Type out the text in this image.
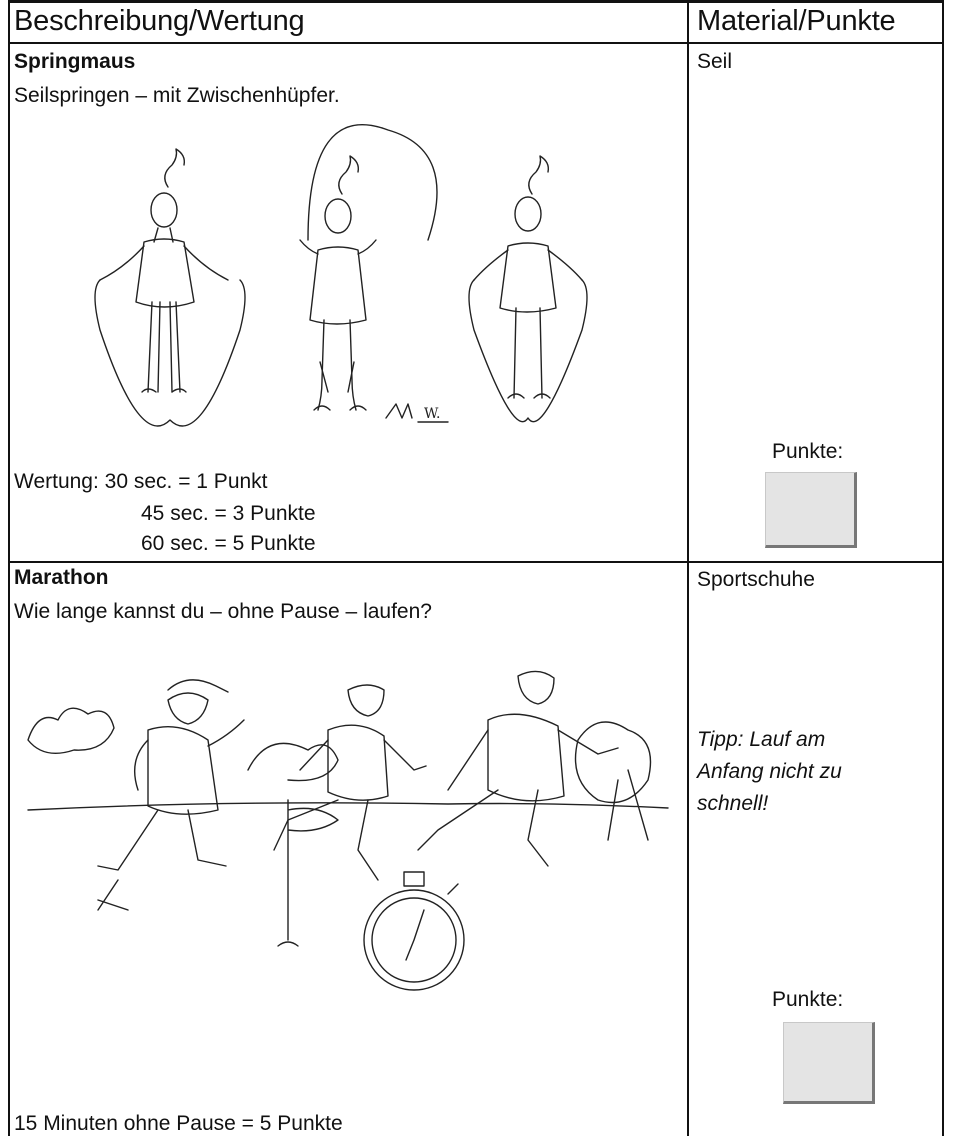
Beschreibung/Wertung	Material/Punkte
Springmaus
Seilspringen – mit Zwischenhüpfer.
Seil
W.
Wertung: 30 sec. = 1 Punkt
45 sec. = 3 Punkte
60 sec. = 5 Punkte
Punkte:
Marathon
Wie lange kannst du – ohne Pause – laufen?
Sportschuhe
Tipp: Lauf am
Anfang nicht zu
schnell!
Punkte:
15 Minuten ohne Pause = 5 Punkte
